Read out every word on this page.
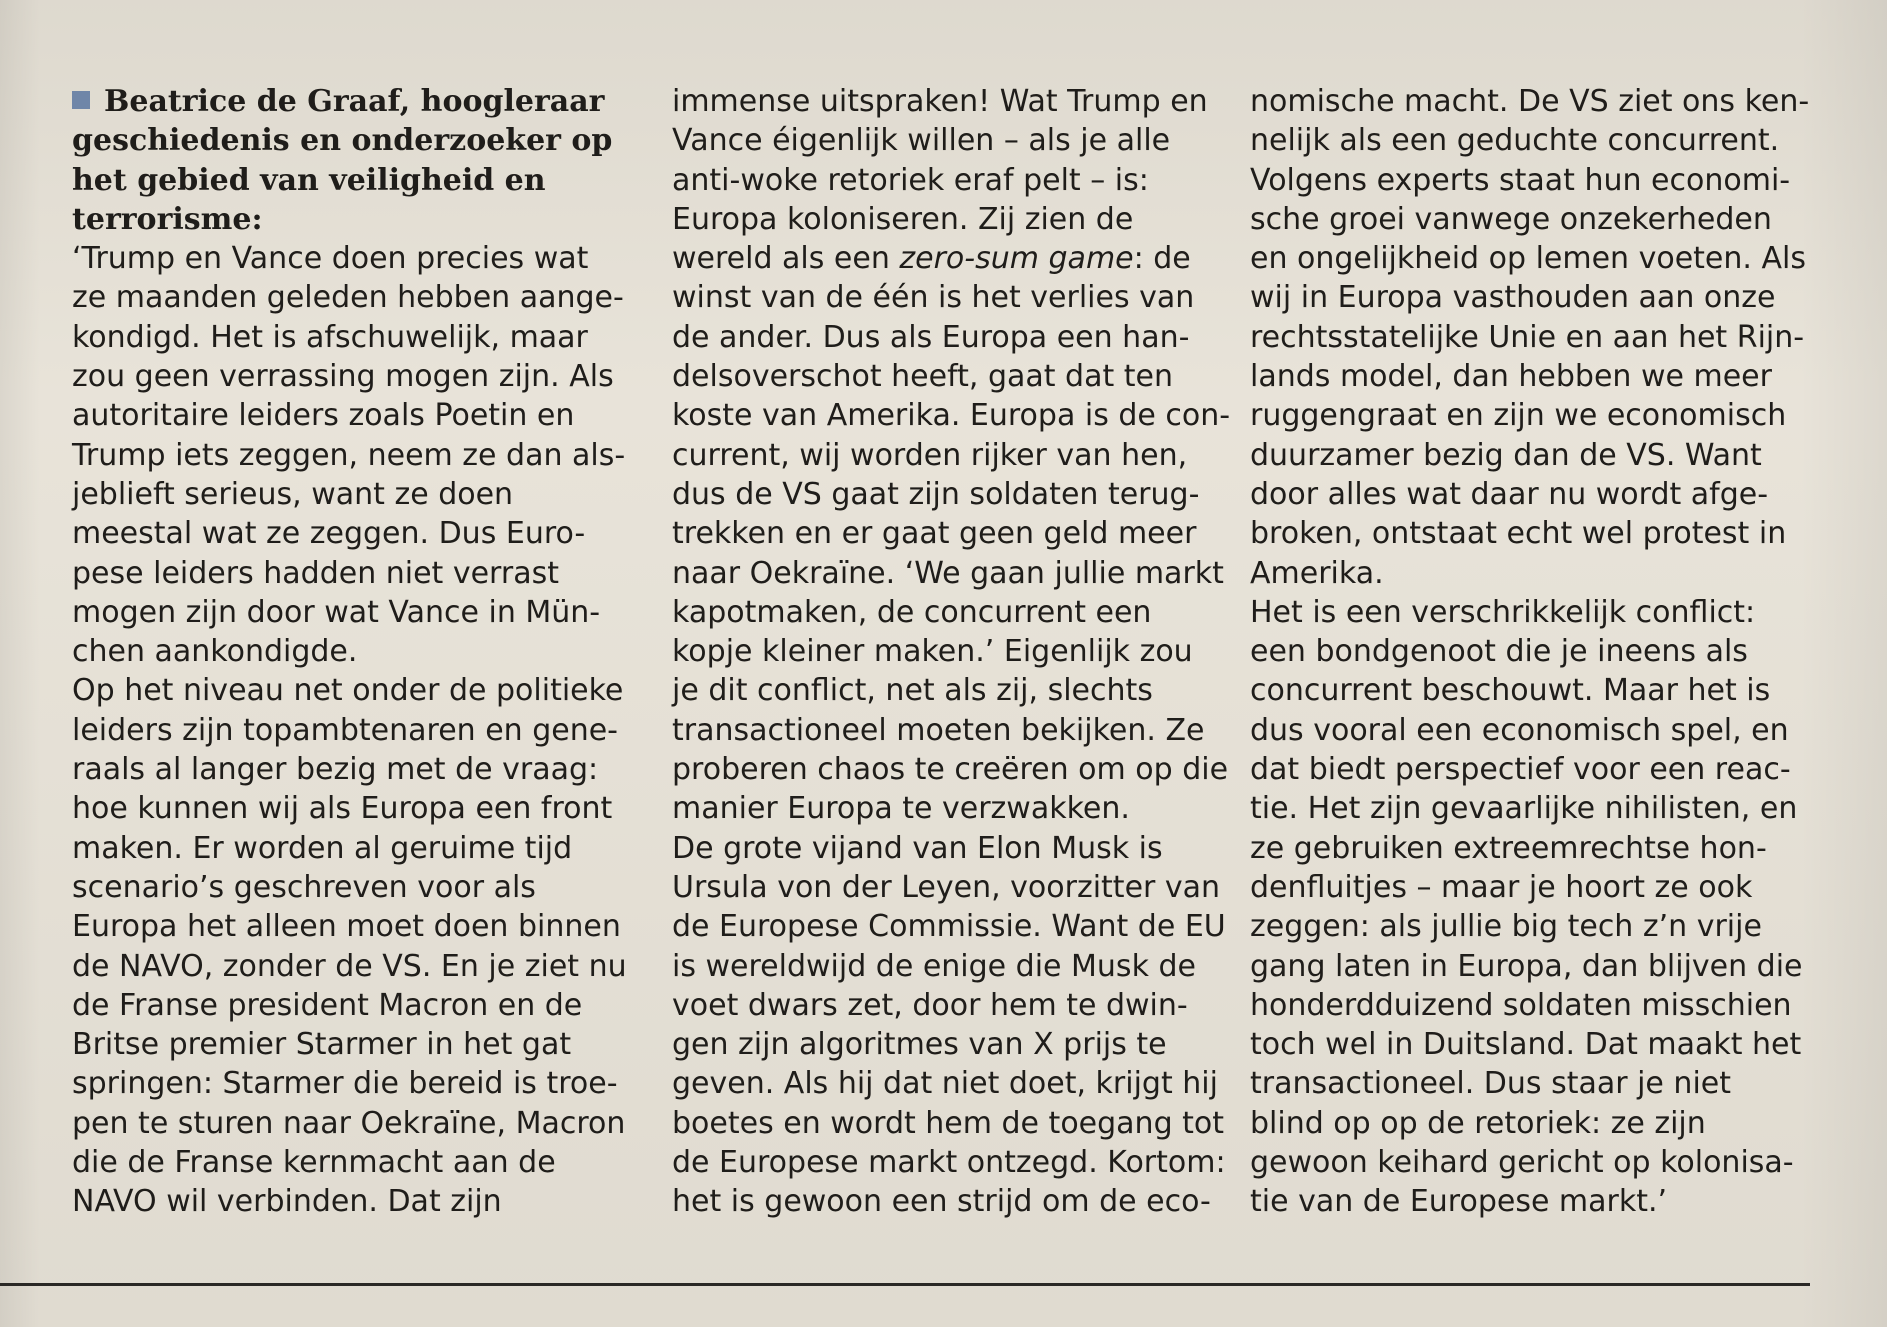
Beatrice de Graaf, hoogleraar
geschiedenis en onderzoeker op
het gebied van veiligheid en
terrorisme:
‘Trump en Vance doen precies wat
ze maanden geleden hebben aange-
kondigd. Het is afschuwelijk, maar
zou geen verrassing mogen zijn. Als
autoritaire leiders zoals Poetin en
Trump iets zeggen, neem ze dan als-
jeblieft serieus, want ze doen
meestal wat ze zeggen. Dus Euro-
pese leiders hadden niet verrast
mogen zijn door wat Vance in Mün-
chen aankondigde.
Op het niveau net onder de politieke
leiders zijn topambtenaren en gene-
raals al langer bezig met de vraag:
hoe kunnen wij als Europa een front
maken. Er worden al geruime tijd
scenario’s geschreven voor als
Europa het alleen moet doen binnen
de NAVO, zonder de VS. En je ziet nu
de Franse president Macron en de
Britse premier Starmer in het gat
springen: Starmer die bereid is troe-
pen te sturen naar Oekraïne, Macron
die de Franse kernmacht aan de
NAVO wil verbinden. Dat zijn
immense uitspraken! Wat Trump en
Vance éigenlijk willen – als je alle
anti-woke retoriek eraf pelt – is:
Europa koloniseren. Zij zien de
wereld als een zero-sum game: de
winst van de één is het verlies van
de ander. Dus als Europa een han-
delsoverschot heeft, gaat dat ten
koste van Amerika. Europa is de con-
current, wij worden rijker van hen,
dus de VS gaat zijn soldaten terug-
trekken en er gaat geen geld meer
naar Oekraïne. ‘We gaan jullie markt
kapotmaken, de concurrent een
kopje kleiner maken.’ Eigenlijk zou
je dit conflict, net als zij, slechts
transactioneel moeten bekijken. Ze
proberen chaos te creëren om op die
manier Europa te verzwakken.
De grote vijand van Elon Musk is
Ursula von der Leyen, voorzitter van
de Europese Commissie. Want de EU
is wereldwijd de enige die Musk de
voet dwars zet, door hem te dwin-
gen zijn algoritmes van X prijs te
geven. Als hij dat niet doet, krijgt hij
boetes en wordt hem de toegang tot
de Europese markt ontzegd. Kortom:
het is gewoon een strijd om de eco-
nomische macht. De VS ziet ons ken-
nelijk als een geduchte concurrent.
Volgens experts staat hun economi-
sche groei vanwege onzekerheden
en ongelijkheid op lemen voeten. Als
wij in Europa vasthouden aan onze
rechtsstatelijke Unie en aan het Rijn-
lands model, dan hebben we meer
ruggengraat en zijn we economisch
duurzamer bezig dan de VS. Want
door alles wat daar nu wordt afge-
broken, ontstaat echt wel protest in
Amerika.
Het is een verschrikkelijk conflict:
een bondgenoot die je ineens als
concurrent beschouwt. Maar het is
dus vooral een economisch spel, en
dat biedt perspectief voor een reac-
tie. Het zijn gevaarlijke nihilisten, en
ze gebruiken extreemrechtse hon-
denfluitjes – maar je hoort ze ook
zeggen: als jullie big tech z’n vrije
gang laten in Europa, dan blijven die
honderdduizend soldaten misschien
toch wel in Duitsland. Dat maakt het
transactioneel. Dus staar je niet
blind op op de retoriek: ze zijn
gewoon keihard gericht op kolonisa-
tie van de Europese markt.’
